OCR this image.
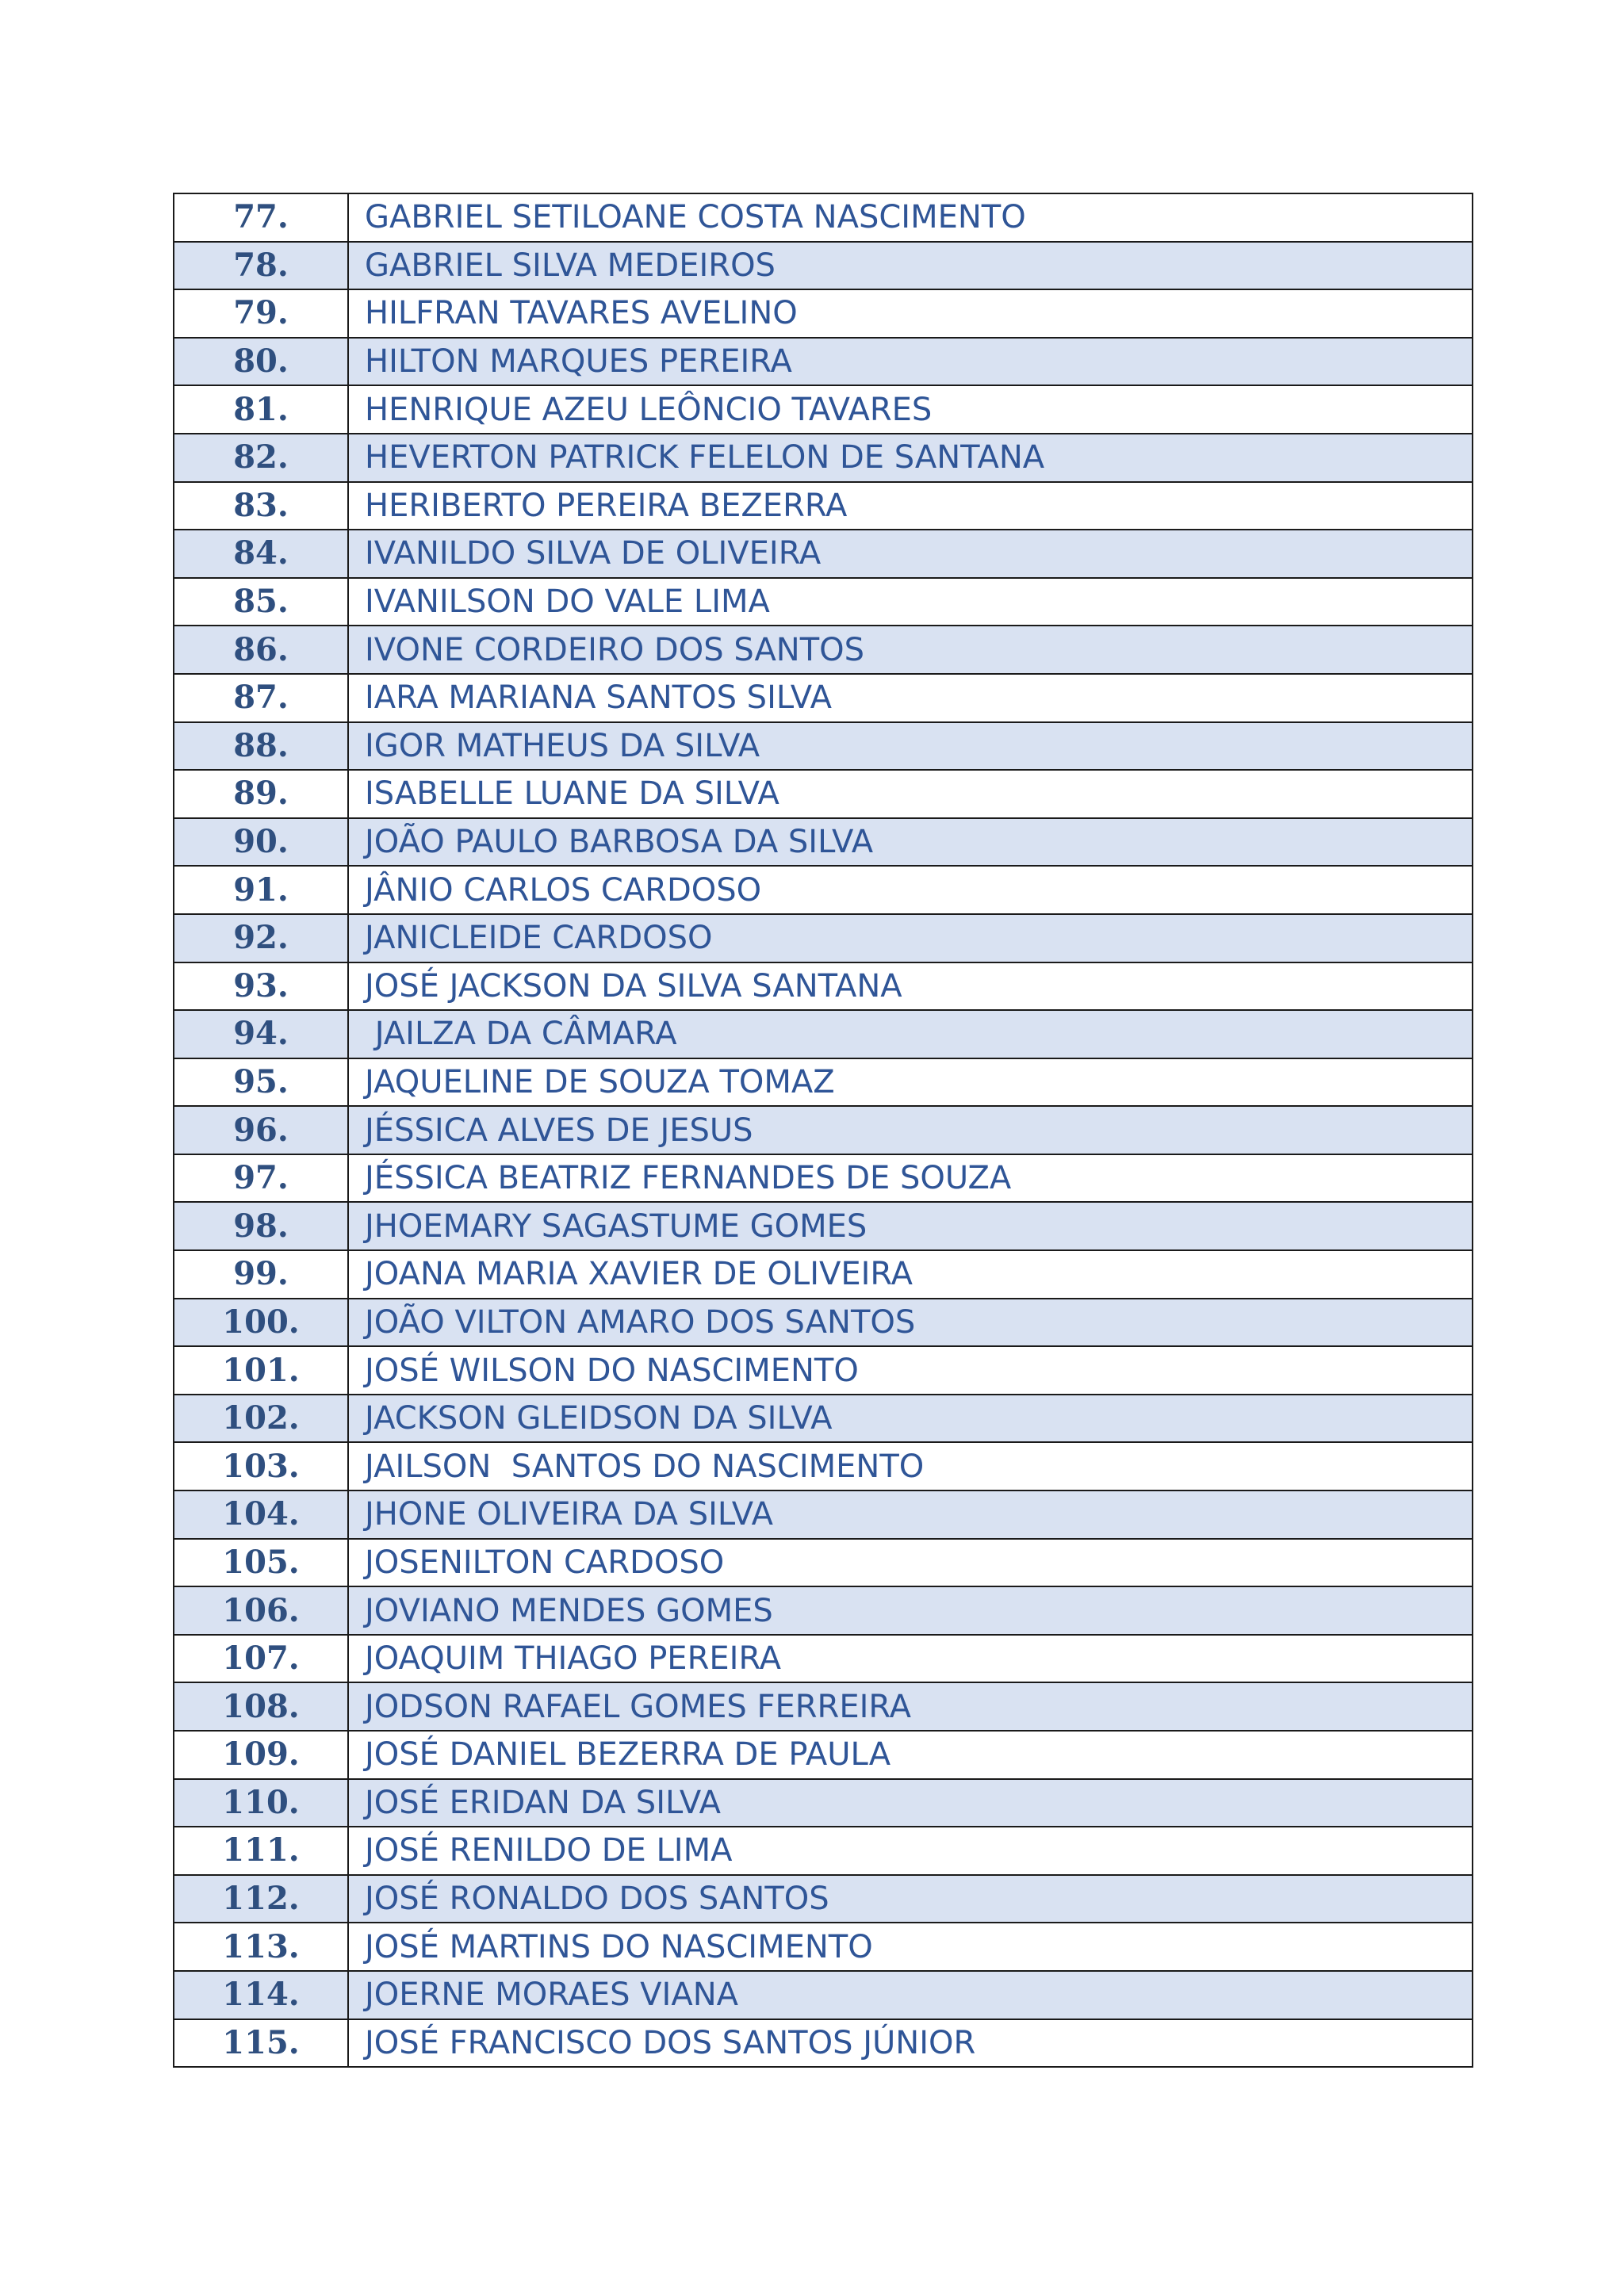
77.	GABRIEL SETILOANE COSTA NASCIMENTO

78.	GABRIEL SILVA MEDEIROS

79.	HILFRAN TAVARES AVELINO

80.	HILTON MARQUES PEREIRA

81.	HENRIQUE AZEU LEÔNCIO TAVARES

82.	HEVERTON PATRICK FELELON DE SANTANA

83.	HERIBERTO PEREIRA BEZERRA

84.	IVANILDO SILVA DE OLIVEIRA

85.	IVANILSON DO VALE LIMA

86.	IVONE CORDEIRO DOS SANTOS

87.	IARA MARIANA SANTOS SILVA

88.	IGOR MATHEUS DA SILVA

89.	ISABELLE LUANE DA SILVA

90.	JOÃO PAULO BARBOSA DA SILVA

91.	JÂNIO CARLOS CARDOSO

92.	JANICLEIDE CARDOSO

93.	JOSÉ JACKSON DA SILVA SANTANA

94.	JAILZA DA CÂMARA

95.	JAQUELINE DE SOUZA TOMAZ

96.	JÉSSICA ALVES DE JESUS

97.	JÉSSICA BEATRIZ FERNANDES DE SOUZA

98.	JHOEMARY SAGASTUME GOMES

99.	JOANA MARIA XAVIER DE OLIVEIRA

100.	JOÃO VILTON AMARO DOS SANTOS

101.	JOSÉ WILSON DO NASCIMENTO

102.	JACKSON GLEIDSON DA SILVA

103.	JAILSON  SANTOS DO NASCIMENTO

104.	JHONE OLIVEIRA DA SILVA

105.	JOSENILTON CARDOSO

106.	JOVIANO MENDES GOMES

107.	JOAQUIM THIAGO PEREIRA

108.	JODSON RAFAEL GOMES FERREIRA

109.	JOSÉ DANIEL BEZERRA DE PAULA

110.	JOSÉ ERIDAN DA SILVA

111.	JOSÉ RENILDO DE LIMA

112.	JOSÉ RONALDO DOS SANTOS

113.	JOSÉ MARTINS DO NASCIMENTO

114.	JOERNE MORAES VIANA

115.	JOSÉ FRANCISCO DOS SANTOS JÚNIOR
